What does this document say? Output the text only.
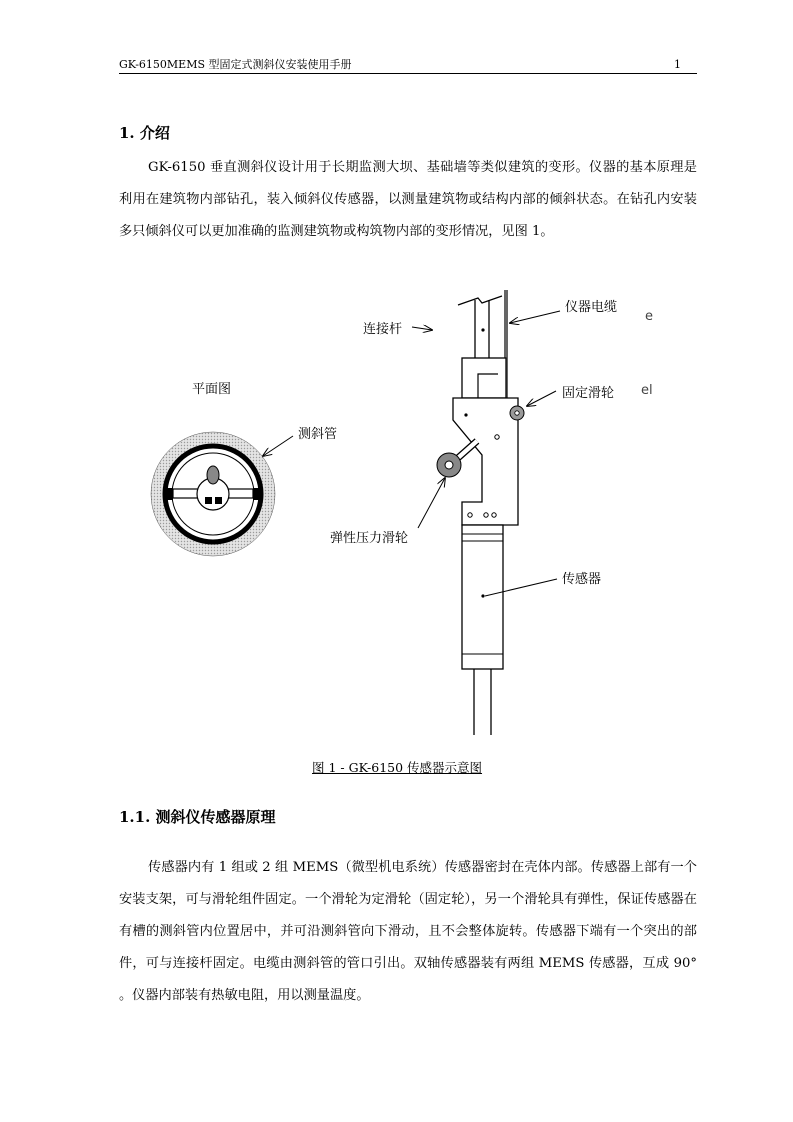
GK-6150MEMS 型固定式测斜仪安装使用手册	1
1. 介绍

GK-6150 垂直测斜仪设计用于长期监测大坝、基础墙等类似建筑的变形。仪器的基本原理是利用在建筑物内部钻孔，装入倾斜仪传感器，以测量建筑物或结构内部的倾斜状态。在钻孔内安装多只倾斜仪可以更加准确的监测建筑物或构筑物内部的变形情况，见图 1。

平面图
测斜管
连接杆
仪器电缆
e
固定滑轮 el
弹性压力滑轮
传感器
图 1 - GK-6150 传感器示意图
1.1. 测斜仪传感器原理

传感器内有 1 组或 2 组 MEMS（微型机电系统）传感器密封在壳体内部。传感器上部有一个安装支架，可与滑轮组件固定。一个滑轮为定滑轮（固定轮），另一个滑轮具有弹性，保证传感器在有槽的测斜管内位置居中，并可沿测斜管向下滑动，且不会整体旋转。传感器下端有一个突出的部件，可与连接杆固定。电缆由测斜管的管口引出。双轴传感器装有两组 MEMS 传感器，互成 90° 。仪器内部装有热敏电阻，用以测量温度。
